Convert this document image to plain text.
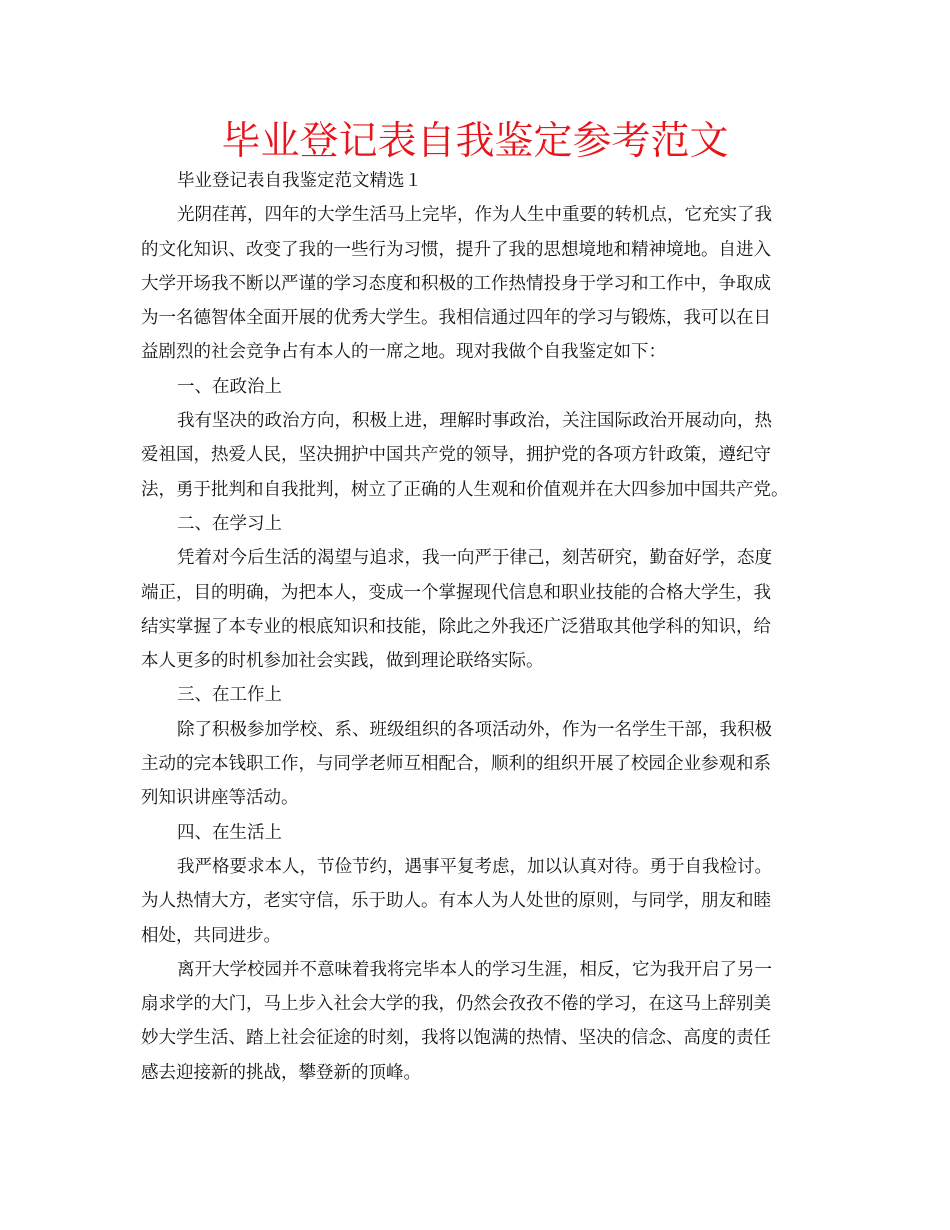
毕业登记表自我鉴定参考范文

毕业登记表自我鉴定范文精选１

光阴荏苒，四年的大学生活马上完毕，作为人生中重要的转机点，它充实了我

的文化知识、改变了我的一些行为习惯，提升了我的思想境地和精神境地。自进入

大学开场我不断以严谨的学习态度和积极的工作热情投身于学习和工作中，争取成

为一名德智体全面开展的优秀大学生。我相信通过四年的学习与锻炼，我可以在日

益剧烈的社会竞争占有本人的一席之地。现对我做个自我鉴定如下：

一、在政治上

我有坚决的政治方向，积极上进，理解时事政治，关注国际政治开展动向，热

爱祖国，热爱人民，坚决拥护中国共产党的领导，拥护党的各项方针政策，遵纪守

法，勇于批判和自我批判，树立了正确的人生观和价值观并在大四参加中国共产党。

二、在学习上

凭着对今后生活的渴望与追求，我一向严于律己，刻苦研究，勤奋好学，态度

端正，目的明确，为把本人，变成一个掌握现代信息和职业技能的合格大学生，我

结实掌握了本专业的根底知识和技能，除此之外我还广泛猎取其他学科的知识，给

本人更多的时机参加社会实践，做到理论联络实际。

三、在工作上

除了积极参加学校、系、班级组织的各项活动外，作为一名学生干部，我积极

主动的完本钱职工作，与同学老师互相配合，顺利的组织开展了校园企业参观和系

列知识讲座等活动。

四、在生活上

我严格要求本人，节俭节约，遇事平复考虑，加以认真对待。勇于自我检讨。

为人热情大方，老实守信，乐于助人。有本人为人处世的原则，与同学，朋友和睦

相处，共同进步。

离开大学校园并不意味着我将完毕本人的学习生涯，相反，它为我开启了另一

扇求学的大门，马上步入社会大学的我，仍然会孜孜不倦的学习，在这马上辞别美

妙大学生活、踏上社会征途的时刻，我将以饱满的热情、坚决的信念、高度的责任

感去迎接新的挑战，攀登新的顶峰。
